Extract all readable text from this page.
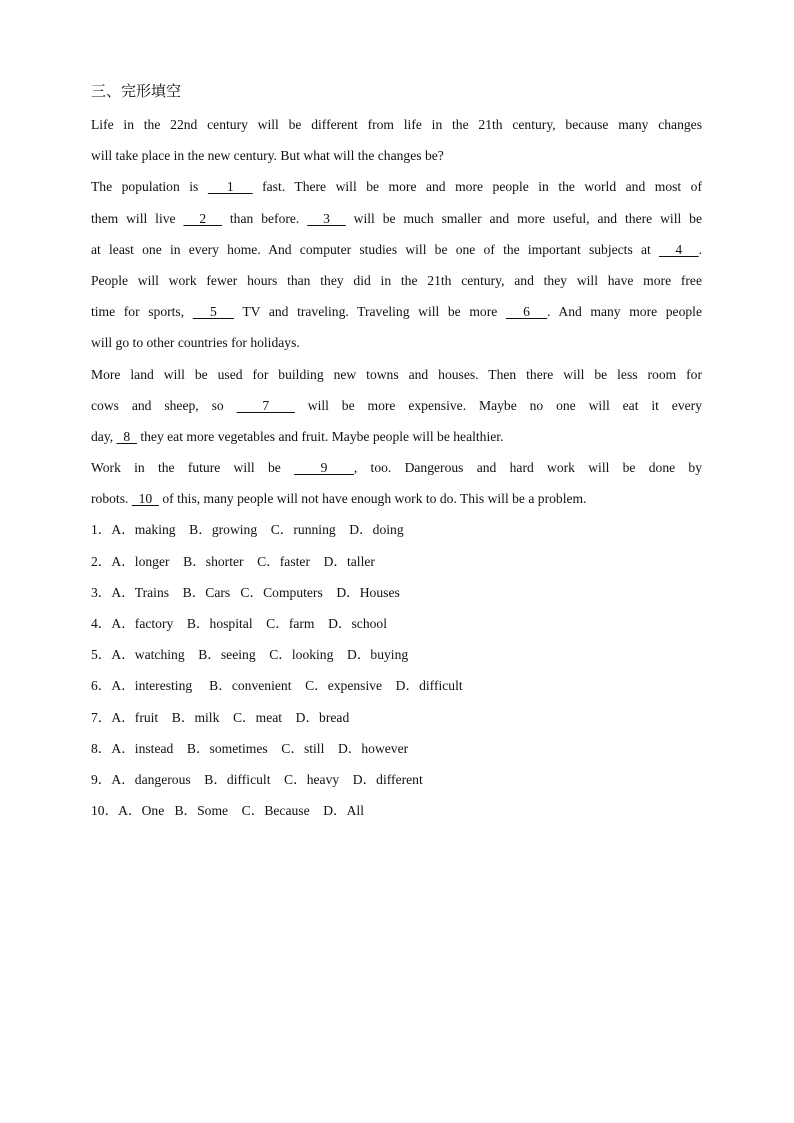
三、完形填空
Life in the 22nd century will be different from life in the 21th century, because many changes
will take place in the new century. But what will the changes be?
The population is   1   fast. There will be more and more people in the world and most of
them will live   2   than before.   3   will be much smaller and more useful, and there will be
at least one in every home. And computer studies will be one of the important subjects at   4  .
People will work fewer hours than they did in the 21th century, and they will have more free
time for sports,   5   TV and traveling. Traveling will be more   6  . And many more people
will go to other countries for holidays.
More land will be used for building new towns and houses. Then there will be less room for
cows and sheep, so   7   will be more expensive. Maybe no one will eat it every
day,   8   they eat more vegetables and fruit. Maybe people will be healthier.
Work in the future will be   9  , too. Dangerous and hard work will be done by
robots.   10   of this, many people will not have enough work to do. This will be a problem.
1．A．making    B．growing    C．running    D．doing
2．A．longer    B．shorter    C．faster    D．taller
3．A．Trains    B．Cars   C．Computers    D．Houses
4．A．factory    B．hospital    C．farm    D．school
5．A．watching    B．seeing    C．looking    D．buying
6．A．interesting     B．convenient    C．expensive    D．difficult
7．A．fruit    B．milk    C．meat    D．bread
8．A．instead    B．sometimes    C．still    D．however
9．A．dangerous    B．difficult    C．heavy    D．different
10．A．One   B．Some    C．Because    D．All
